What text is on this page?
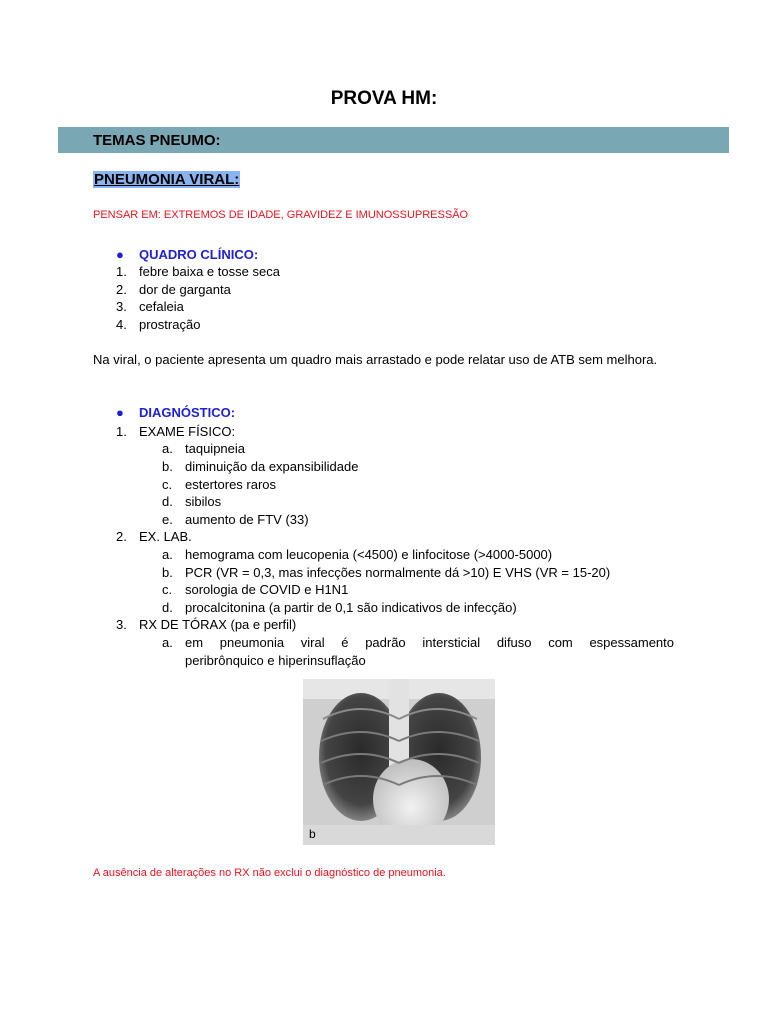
PROVA HM:
TEMAS PNEUMO:
PNEUMONIA VIRAL:
PENSAR EM: EXTREMOS DE IDADE, GRAVIDEZ E IMUNOSSUPRESSÃO
● QUADRO CLÍNICO:
1. febre baixa e tosse seca
2. dor de garganta
3. cefaleia
4. prostração
Na viral, o paciente apresenta um quadro mais arrastado e pode relatar uso de ATB sem melhora.
● DIAGNÓSTICO:
1. EXAME FÍSICO:
a. taquipneia
b. diminuição da expansibilidade
c. estertores raros
d. sibilos
e. aumento de FTV (33)
2. EX. LAB.
a. hemograma com leucopenia (<4500) e linfocitose (>4000-5000)
b. PCR (VR = 0,3, mas infecções normalmente dá >10) E VHS (VR = 15-20)
c. sorologia de COVID e H1N1
d. procalcitonina (a partir de 0,1 são indicativos de infecção)
3. RX DE TÓRAX (pa e perfil)
a. em pneumonia viral é padrão intersticial difuso com espessamento
peribrônquico e hiperinsuflação
b
A ausência de alterações no RX não exclui o diagnóstico de pneumonia.
